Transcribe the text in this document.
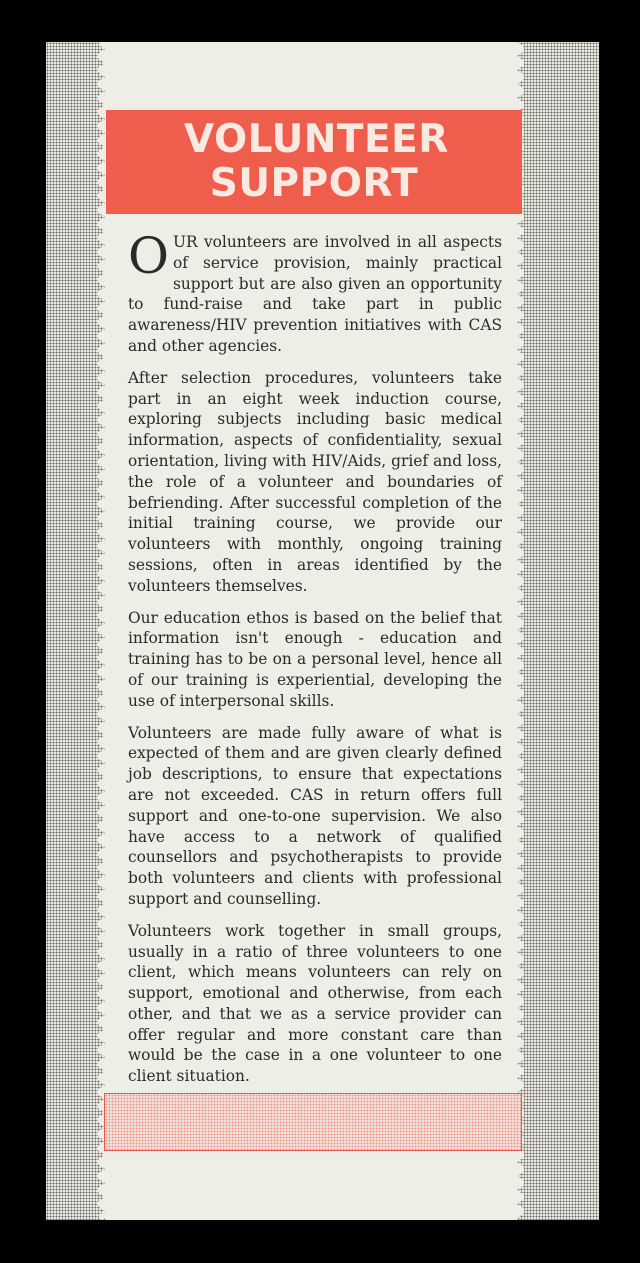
VOLUNTEER SUPPORT

O UR volunteers are involved in all aspects of service provision, mainly practical support but are also given an opportunity to fund-raise and take part in public awareness/HIV prevention initiatives with CAS and other agencies.

After selection procedures, volunteers take part in an eight week induction course, exploring subjects including basic medical information, aspects of confidentiality, sexual orientation, living with HIV/Aids, grief and loss, the role of a volunteer and boundaries of befriending. After successful completion of the initial training course, we provide our volunteers with monthly, ongoing training sessions, often in areas identified by the volunteers themselves.

Our education ethos is based on the belief that information isn't enough - education and training has to be on a personal level, hence all of our training is experiential, developing the use of interpersonal skills.

Volunteers are made fully aware of what is expected of them and are given clearly defined job descriptions, to ensure that expectations are not exceeded. CAS in return offers full support and one-to-one supervision. We also have access to a network of qualified counsellors and psychotherapists to provide both volunteers and clients with professional support and counselling.

Volunteers work together in small groups, usually in a ratio of three volunteers to one client, which means volunteers can rely on support, emotional and otherwise, from each other, and that we as a service provider can offer regular and more constant care than would be the case in a one volunteer to one client situation.
